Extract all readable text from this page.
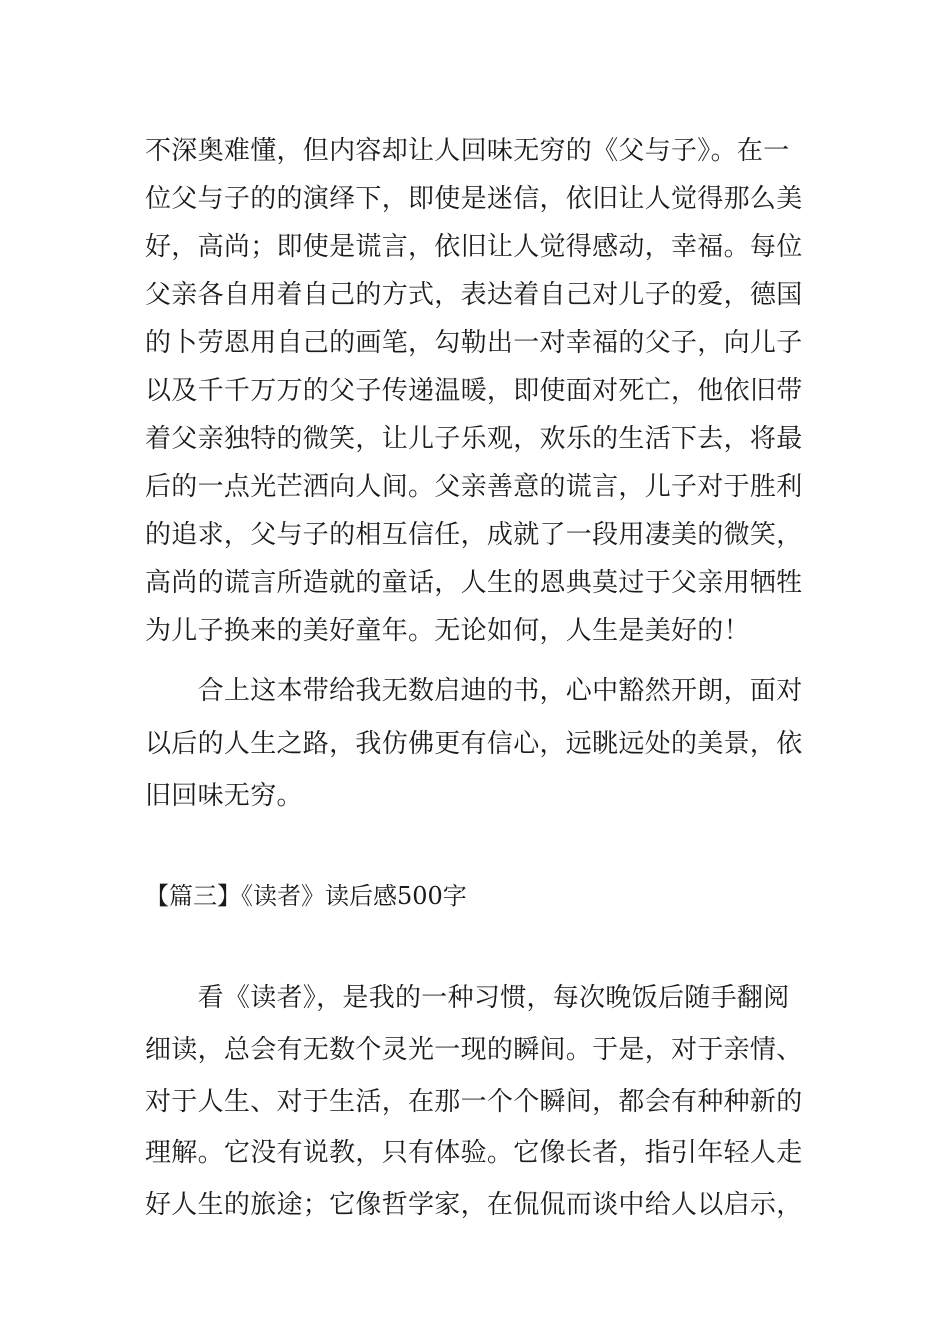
不深奥难懂，但内容却让人回味无穷的《父与子》。在一
位父与子的的演绎下，即使是迷信，依旧让人觉得那么美
好，高尚；即使是谎言，依旧让人觉得感动，幸福。每位
父亲各自用着自己的方式，表达着自己对儿子的爱，德国
的卜劳恩用自己的画笔，勾勒出一对幸福的父子，向儿子
以及千千万万的父子传递温暖，即使面对死亡，他依旧带
着父亲独特的微笑，让儿子乐观，欢乐的生活下去，将最
后的一点光芒洒向人间。父亲善意的谎言，儿子对于胜利
的追求，父与子的相互信任，成就了一段用凄美的微笑，
高尚的谎言所造就的童话，人生的恩典莫过于父亲用牺牲
为儿子换来的美好童年。无论如何，人生是美好的！
　　合上这本带给我无数启迪的书，心中豁然开朗，面对
以后的人生之路，我仿佛更有信心，远眺远处的美景，依
旧回味无穷。
【篇三】《读者》读后感500字
　　看《读者》，是我的一种习惯，每次晚饭后随手翻阅
细读，总会有无数个灵光一现的瞬间。于是，对于亲情、
对于人生、对于生活，在那一个个瞬间，都会有种种新的
理解。它没有说教，只有体验。它像长者，指引年轻人走
好人生的旅途；它像哲学家，在侃侃而谈中给人以启示，
